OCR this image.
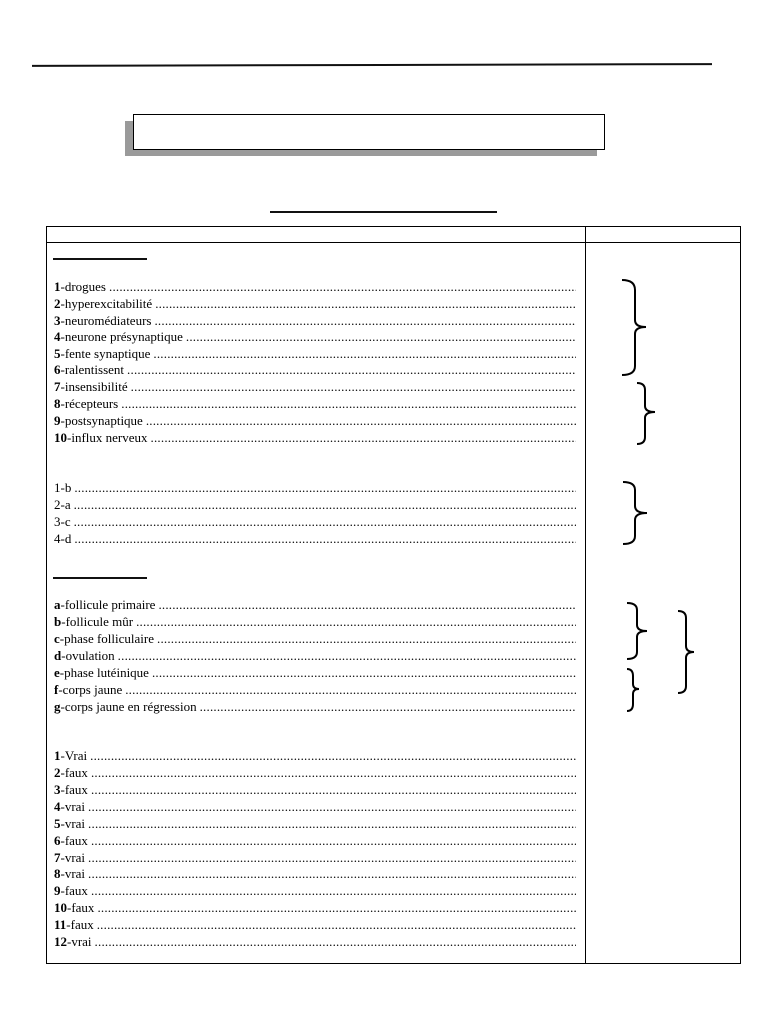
1 -drogues
.....
2 -hyperexcitabilité
.....
3 -neuromédiateurs
.....
4 -neurone présynaptique
.....
5 -fente synaptique
.....
6 -ralentissent
.....
7 -insensibilité
.....
8 -récepteurs
.....
9 -postsynaptique
.....
10 -influx nerveux
.....
1-b
.....
2-a
.....
3-c
.....
4-d
.....
a -follicule primaire
.....
b -follicule mûr
.....
c -phase folliculaire
.....
d -ovulation
.....
e -phase lutéinique
.....
f -corps jaune
.....
g -corps jaune en régression
.....
1 -Vrai
.....
2 -faux
.....
3 -faux
.....
4 -vrai
.....
5 -vrai
.....
6 -faux
.....
7 -vrai
.....
8 -vrai
.....
9 -faux
.....
10 -faux
.....
11 -faux
.....
12 -vrai
.....
